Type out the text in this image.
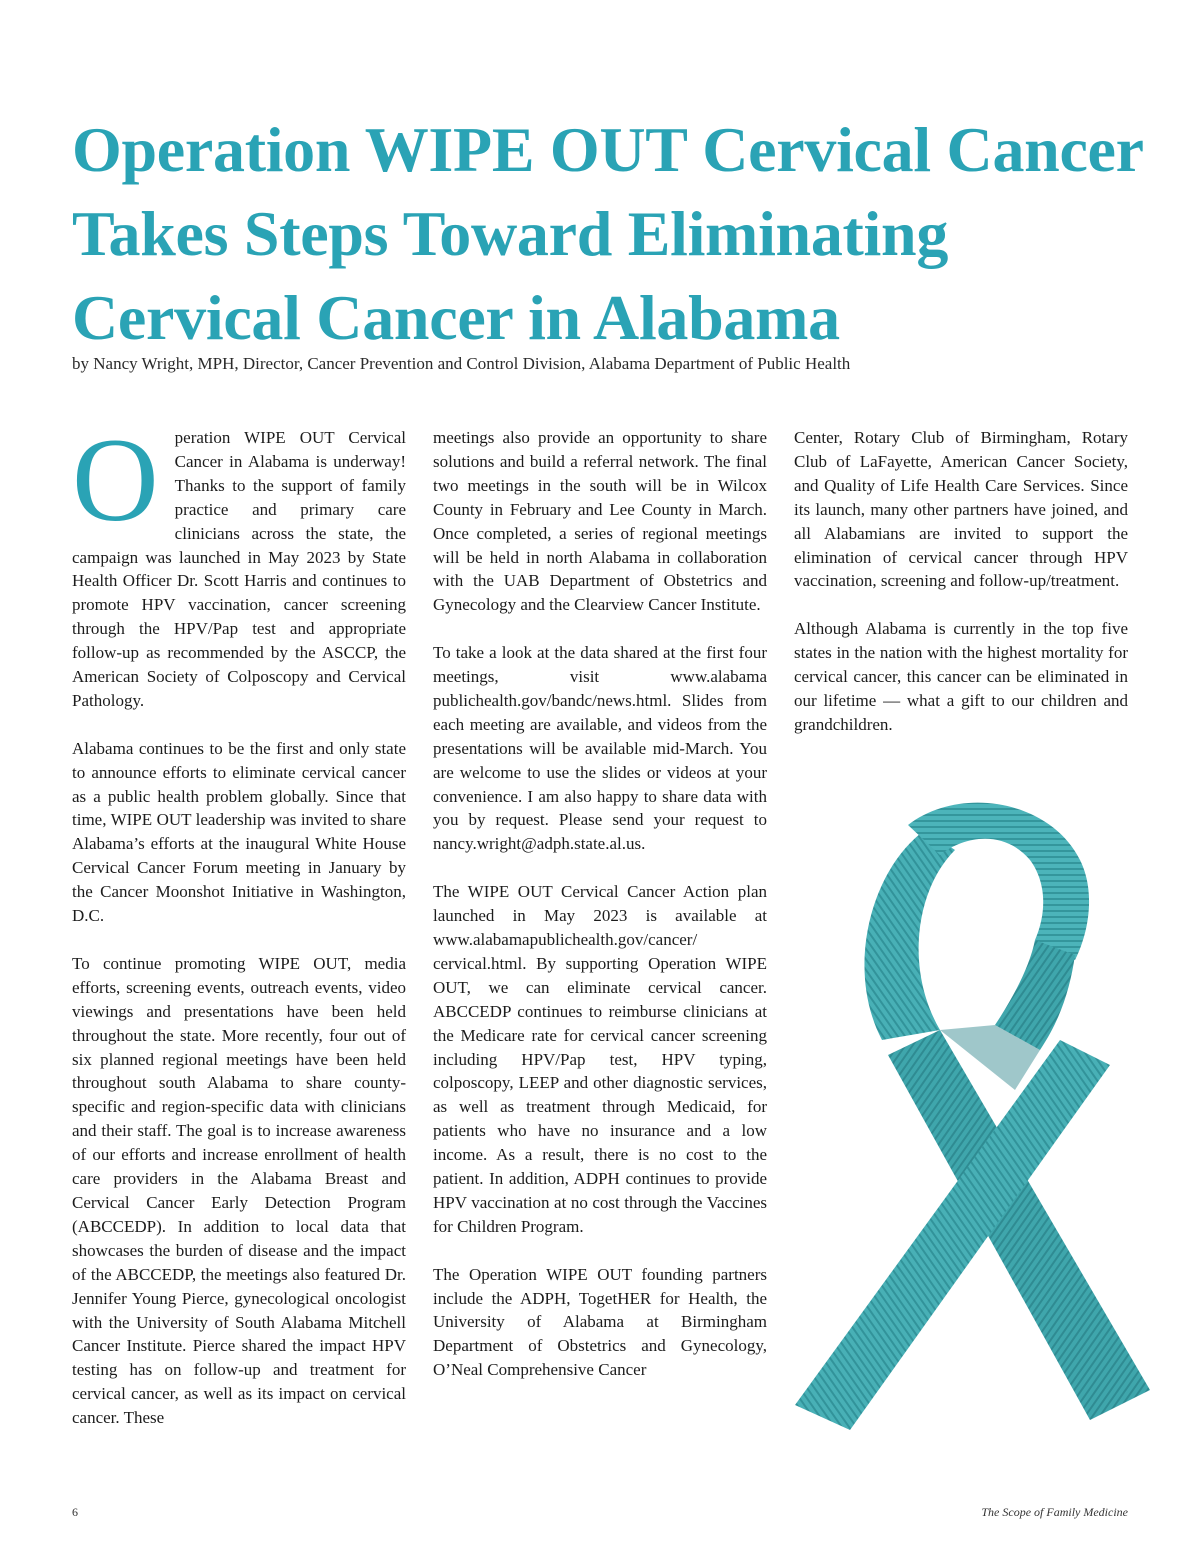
Operation WIPE OUT Cervical Cancer Takes Steps Toward Eliminating Cervical Cancer in Alabama
by Nancy Wright, MPH, Director, Cancer Prevention and Control Division, Alabama Department of Public Health

Operation WIPE OUT Cervical Cancer in Alabama is underway! Thanks to the support of family practice and primary care clinicians across the state, the campaign was launched in May 2023 by State Health Officer Dr. Scott Harris and continues to promote HPV vaccination, cancer screening through the HPV/Pap test and appropriate follow-up as recommended by the ASCCP, the American Society of Colposcopy and Cervical Pathology.

Alabama continues to be the first and only state to announce efforts to eliminate cervical cancer as a public health problem globally. Since that time, WIPE OUT leadership was invited to share Alabama’s efforts at the inaugural White House Cervical Cancer Forum meeting in January by the Cancer Moonshot Initiative in Washington, D.C.

To continue promoting WIPE OUT, media efforts, screening events, outreach events, video viewings and presentations have been held throughout the state. More recently, four out of six planned regional meetings have been held throughout south Alabama to share county-specific and region-specific data with clinicians and their staff. The goal is to increase awareness of our efforts and increase enrollment of health care providers in the Alabama Breast and Cervical Cancer Early Detection Program (ABCCEDP). In addition to local data that showcases the burden of disease and the impact of the ABCCEDP, the meetings also featured Dr. Jennifer Young Pierce, gynecological oncologist with the University of South Alabama Mitchell Cancer Institute. Pierce shared the impact HPV testing has on follow-up and treatment for cervical cancer, as well as its impact on cervical cancer. These

meetings also provide an opportunity to share solutions and build a referral network. The final two meetings in the south will be in Wilcox County in February and Lee County in March. Once completed, a series of regional meetings will be held in north Alabama in collaboration with the UAB Department of Obstetrics and Gynecology and the Clearview Cancer Institute.

To take a look at the data shared at the first four meetings, visit www.alabama publichealth.gov/bandc/news.html. Slides from each meeting are available, and videos from the presentations will be available mid-March. You are welcome to use the slides or videos at your convenience. I am also happy to share data with you by request. Please send your request to nancy.wright@adph.state.al.us.

The WIPE OUT Cervical Cancer Action plan launched in May 2023 is available at www.alabamapublichealth.gov/cancer/ cervical.html. By supporting Operation WIPE OUT, we can eliminate cervical cancer. ABCCEDP continues to reimburse clinicians at the Medicare rate for cervical cancer screening including HPV/Pap test, HPV typing, colposcopy, LEEP and other diagnostic services, as well as treatment through Medicaid, for patients who have no insurance and a low income. As a result, there is no cost to the patient. In addition, ADPH continues to provide HPV vaccination at no cost through the Vaccines for Children Program.

The Operation WIPE OUT founding partners include the ADPH, TogetHER for Health, the University of Alabama at Birmingham Department of Obstetrics and Gynecology, O’Neal Comprehensive Cancer

Center, Rotary Club of Birmingham, Rotary Club of LaFayette, American Cancer Society, and Quality of Life Health Care Services. Since its launch, many other partners have joined, and all Alabamians are invited to support the elimination of cervical cancer through HPV vaccination, screening and follow-up/treatment.

Although Alabama is currently in the top five states in the nation with the highest mortality for cervical cancer, this cancer can be eliminated in our lifetime — what a gift to our children and grandchildren.

6	The Scope of Family Medicine
